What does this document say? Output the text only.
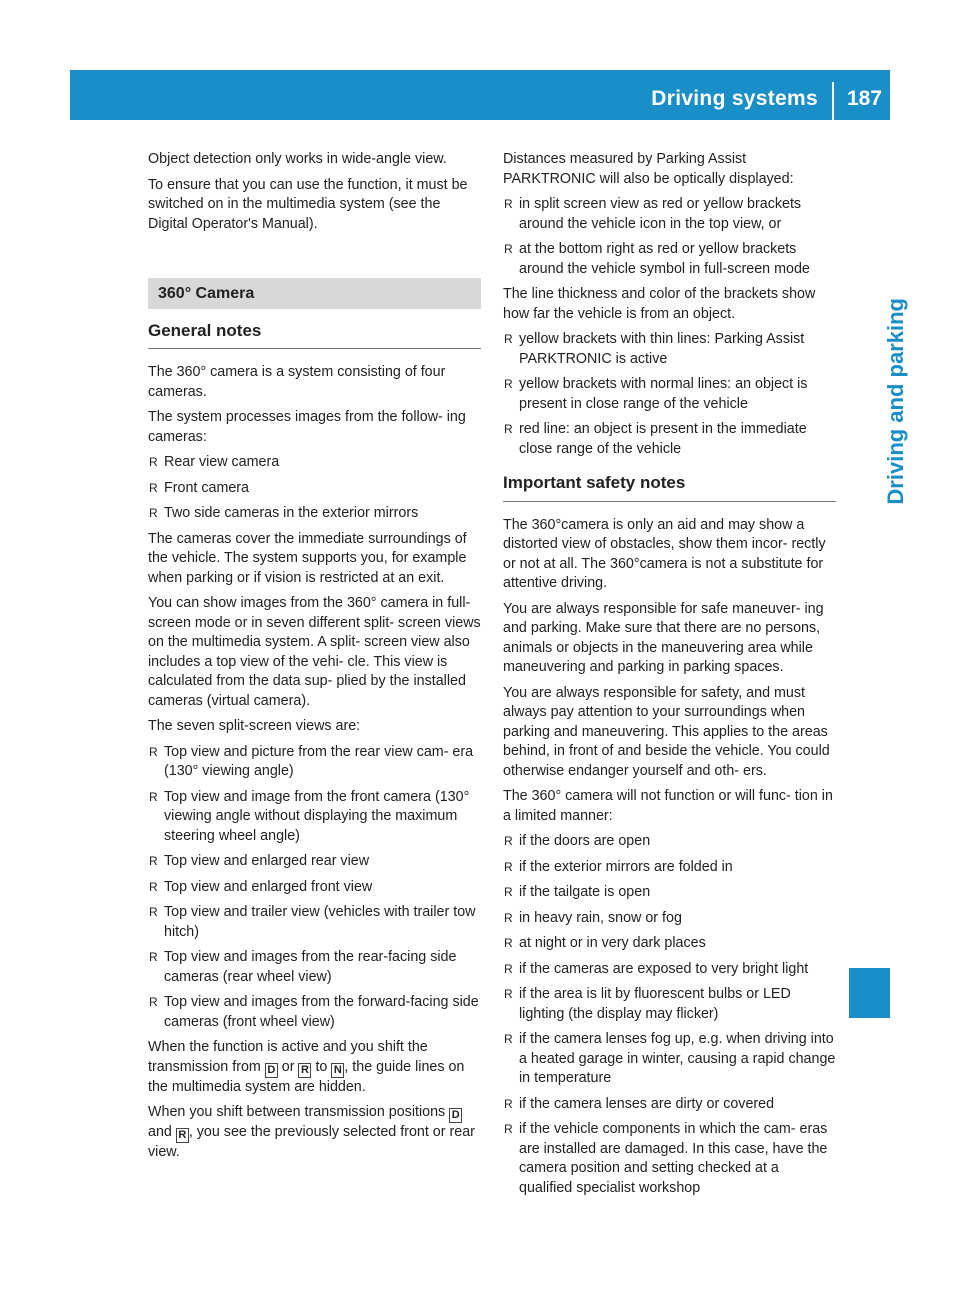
Driving systems 187
Driving and parking

Object detection only works in wide-angle view.

To ensure that you can use the function, it must be switched on in the multimedia system (see the Digital Operator's Manual).

360° Camera
General notes

The 360° camera is a system consisting of four cameras.

The system processes images from the follow- ing cameras:

R Rear view camera
R Front camera
R Two side cameras in the exterior mirrors

The cameras cover the immediate surroundings of the vehicle. The system supports you, for example when parking or if vision is restricted at an exit.

You can show images from the 360° camera in full-screen mode or in seven different split- screen views on the multimedia system. A split- screen view also includes a top view of the vehi- cle. This view is calculated from the data sup- plied by the installed cameras (virtual camera).

The seven split-screen views are:

R Top view and picture from the rear view cam- era (130° viewing angle)
R Top view and image from the front camera (130° viewing angle without displaying the maximum steering wheel angle)
R Top view and enlarged rear view
R Top view and enlarged front view
R Top view and trailer view (vehicles with trailer tow hitch)
R Top view and images from the rear-facing side cameras (rear wheel view)
R Top view and images from the forward-facing side cameras (front wheel view)

When the function is active and you shift the transmission from D or R to N , the guide lines on the multimedia system are hidden.

When you shift between transmission positions D and R , you see the previously selected front or rear view.

Distances measured by Parking Assist PARKTRONIC will also be optically displayed:

R in split screen view as red or yellow brackets around the vehicle icon in the top view, or
R at the bottom right as red or yellow brackets around the vehicle symbol in full-screen mode

The line thickness and color of the brackets show how far the vehicle is from an object.

R yellow brackets with thin lines: Parking Assist PARKTRONIC is active
R yellow brackets with normal lines: an object is present in close range of the vehicle
R red line: an object is present in the immediate close range of the vehicle
Important safety notes

The 360°camera is only an aid and may show a distorted view of obstacles, show them incor- rectly or not at all. The 360°camera is not a substitute for attentive driving.

You are always responsible for safe maneuver- ing and parking. Make sure that there are no persons, animals or objects in the maneuvering area while maneuvering and parking in parking spaces.

You are always responsible for safety, and must always pay attention to your surroundings when parking and maneuvering. This applies to the areas behind, in front of and beside the vehicle. You could otherwise endanger yourself and oth- ers.

The 360° camera will not function or will func- tion in a limited manner:

R if the doors are open
R if the exterior mirrors are folded in
R if the tailgate is open
R in heavy rain, snow or fog
R at night or in very dark places
R if the cameras are exposed to very bright light
R if the area is lit by fluorescent bulbs or LED lighting (the display may flicker)
R if the camera lenses fog up, e.g. when driving into a heated garage in winter, causing a rapid change in temperature
R if the camera lenses are dirty or covered
R if the vehicle components in which the cam- eras are installed are damaged. In this case, have the camera position and setting checked at a qualified specialist workshop
